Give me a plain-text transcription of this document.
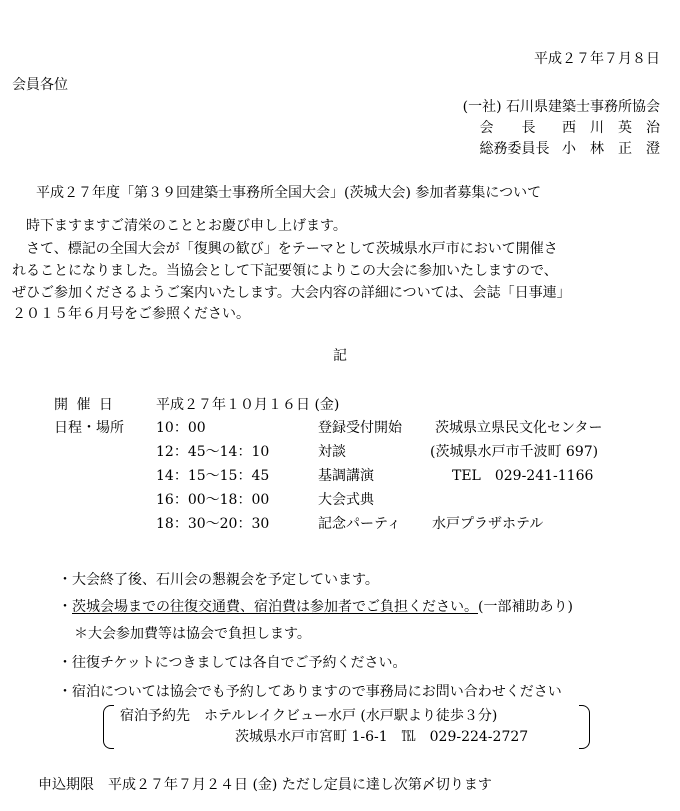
平成２７年７月８日
会員各位
(一社) 石川県建築士事務所協会
会　　長 西　川　英　治
総務委員長 小　林　正　澄
平成２７年度「第３９回建築士事務所全国大会」(茨城大会) 参加者募集について
時下ますますご清栄のこととお慶び申し上げます。
さて、標記の全国大会が「復興の歓び」をテーマとして茨城県水戸市において開催さ
れることになりました。当協会として下記要領によりこの大会に参加いたしますので、
ぜひご参加くださるようご案内いたします。大会内容の詳細については、会誌「日事連」
２０１５年６月号をご参照ください。
記
開 催 日	平成２７年１０月１６日 (金)
日程・場所 10：00	登録受付開始 茨城県立県民文化センター
12：45〜14：10	対談	(茨城県水戸市千波町 697)
14：15〜15：45	基調講演	TEL　029-241-1166
16：00〜18：00	大会式典
18：30〜20：30	記念パーティ 水戸プラザホテル
・大会終了後、石川会の懇親会を予定しています。
・茨城会場までの往復交通費、宿泊費は参加者でご負担ください。(一部補助あり)
＊大会参加費等は協会で負担します。
・往復チケットにつきましては各自でご予約ください。
・宿泊については協会でも予約してありますので事務局にお問い合わせください
宿泊予約先　ホテルレイクビュー水戸 (水戸駅より徒歩３分)
茨城県水戸市宮町 1-6-1　℡　029-224-2727
申込期限　平成２７年７月２４日 (金) ただし定員に達し次第〆切ります
